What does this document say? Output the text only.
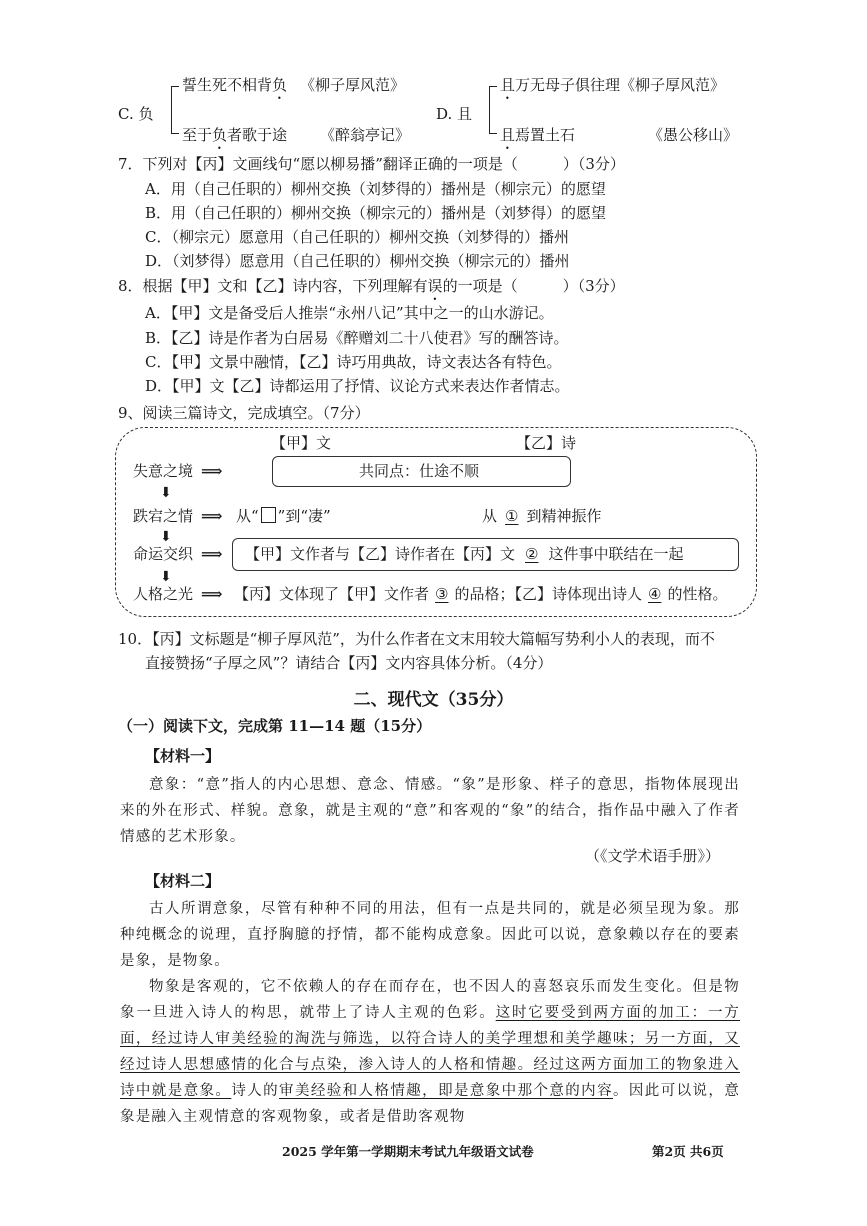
C. 负
誓生死不相背负 《柳子厚风范》
至于负者歌于途 《醉翁亭记》
D. 且
且万无母子俱往理《柳子厚风范》
且焉置土石	《愚公移山》
7．下列对【丙】文画线句“愿以柳易播”翻译正确的一项是（　　　）（3分）
A．用（自己任职的）柳州交换（刘梦得的）播州是（柳宗元）的愿望
B．用（自己任职的）柳州交换（柳宗元的）播州是（刘梦得）的愿望
C．（柳宗元）愿意用（自己任职的）柳州交换（刘梦得的）播州
D．（刘梦得）愿意用（自己任职的）柳州交换（柳宗元的）播州
8．根据【甲】文和【乙】诗内容，下列理解有误的一项是（　　　）（3分）
A．【甲】文是备受后人推崇“永州八记”其中之一的山水游记。
B．【乙】诗是作者为白居易《醉赠刘二十八使君》写的酬答诗。
C．【甲】文景中融情，【乙】诗巧用典故，诗文表达各有特色。
D．【甲】文【乙】诗都运用了抒情、议论方式来表达作者情志。
9、阅读三篇诗文，完成填空。（7分）
【甲】文	【乙】诗
失意之境 ⟹	共同点：仕途不顺
⬇
跌宕之情 ⟹ 从“ ”到“凄”	从 ① 到精神振作
⬇
命运交织 ⟹ 【甲】文作者与【乙】诗作者在【丙】文 ② 这件事中联结在一起
⬇
人格之光 ⟹ 【丙】文体现了【甲】文作者 ③ 的品格；【乙】诗体现出诗人 ④ 的性格。
10．【丙】文标题是“柳子厚风范”，为什么作者在文末用较大篇幅写势利小人的表现，而不
直接赞扬“子厚之风”？请结合【丙】文内容具体分析。（4分）
二、现代文（35分）
（一）阅读下文，完成第 11—14 题（15分）
【材料一】
意象：“意”指人的内心思想、意念、情感。“象”是形象、样子的意思，指物体展现出来的外在形式、样貌。意象，就是主观的“意”和客观的“象”的结合，指作品中融入了作者情感的艺术形象。
（《文学术语手册》）
【材料二】
古人所谓意象，尽管有种种不同的用法，但有一点是共同的，就是必须呈现为象。那种纯概念的说理，直抒胸臆的抒情，都不能构成意象。因此可以说，意象赖以存在的要素是象，是物象。
物象是客观的，它不依赖人的存在而存在，也不因人的喜怒哀乐而发生变化。但是物象一旦进入诗人的构思，就带上了诗人主观的色彩。这时它要受到两方面的加工：一方面，经过诗人审美经验的淘洗与筛选，以符合诗人的美学理想和美学趣味；另一方面，又经过诗人思想感情的化合与点染，渗入诗人的人格和情趣。经过这两方面加工的物象进入诗中就是意象。诗人的审美经验和人格情趣，即是意象中那个意的内容。因此可以说，意象是融入主观情意的客观物象，或者是借助客观物
2025 学年第一学期期末考试九年级语文试卷	第2页 共6页
